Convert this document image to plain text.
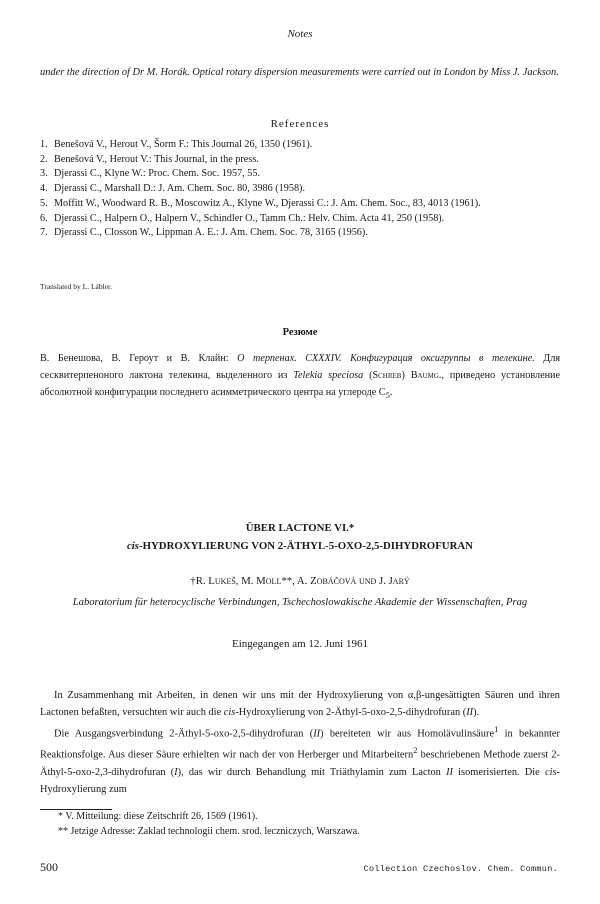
Notes
under the direction of Dr M. Horák. Optical rotary dispersion measurements were carried out in London by Miss J. Jackson.
References
1. Benešová V., Herout V., Šorm F.: This Journal 26, 1350 (1961).
2. Benešová V., Herout V.: This Journal, in the press.
3. Djerassi C., Klyne W.: Proc. Chem. Soc. 1957, 55.
4. Djerassi C., Marshall D.: J. Am. Chem. Soc. 80, 3986 (1958).
5. Moffitt W., Woodward R. B., Moscowitz A., Klyne W., Djerassi C.: J. Am. Chem. Soc., 83, 4013 (1961).
6. Djerassi C., Halpern O., Halpern V., Schindler O., Tamm Ch.: Helv. Chim. Acta 41, 250 (1958).
7. Djerassi C., Closson W., Lippman A. E.: J. Am. Chem. Soc. 78, 3165 (1956).
Translated by L. Lábler.
Резюме
В. Бенешова, В. Героут и В. Клайн: О терпенах. CXXXIV. Конфигурация оксигруппы в телекине. Для сесквитерпеноного лактона телекина, выделенного из Telekia speciosa (Schreb) Baumg., приведено установление абсолютной конфигурации последнего асимметрического центра на углероде $C_5$.
ÜBER LACTONE VI.*
cis-HYDROXYLIERUNG VON 2-ÄTHYL-5-OXO-2,5-DIHYDROFURAN
†R. Lukeš, M. Moll**, A. Zobáčová und J. Jarý
Laboratorium für heterocyclische Verbindungen, Tschechoslowakische Akademie der Wissenschaften, Prag
Eingegangen am 12. Juni 1961

In Zusammenhang mit Arbeiten, in denen wir uns mit der Hydroxylierung von α,β-ungesättigten Säuren und ihren Lactonen befaßten, versuchten wir auch die cis-Hydroxylierung von 2-Äthyl-5-oxo-2,5-dihydrofuran (II).

Die Ausgangsverbindung 2-Äthyl-5-oxo-2,5-dihydrofuran (II) bereiteten wir aus Homolävulinsäure$^1$ in bekannter Reaktionsfolge. Aus dieser Säure erhielten wir nach der von Herberger und Mitarbeitern$^2$ beschriebenen Methode zuerst 2-Äthyl-5-oxo-2,3-dihydrofuran (I), das wir durch Behandlung mit Triäthylamin zum Lacton II isomerisierten. Die cis-Hydroxylierung zum

* V. Mitteilung: diese Zeitschrift 26, 1569 (1961).
** Jetzige Adresse: Zaklad technologii chem. srod. leczniczych, Warszawa.
500	Collection Czechoslov. Chem. Commun.
